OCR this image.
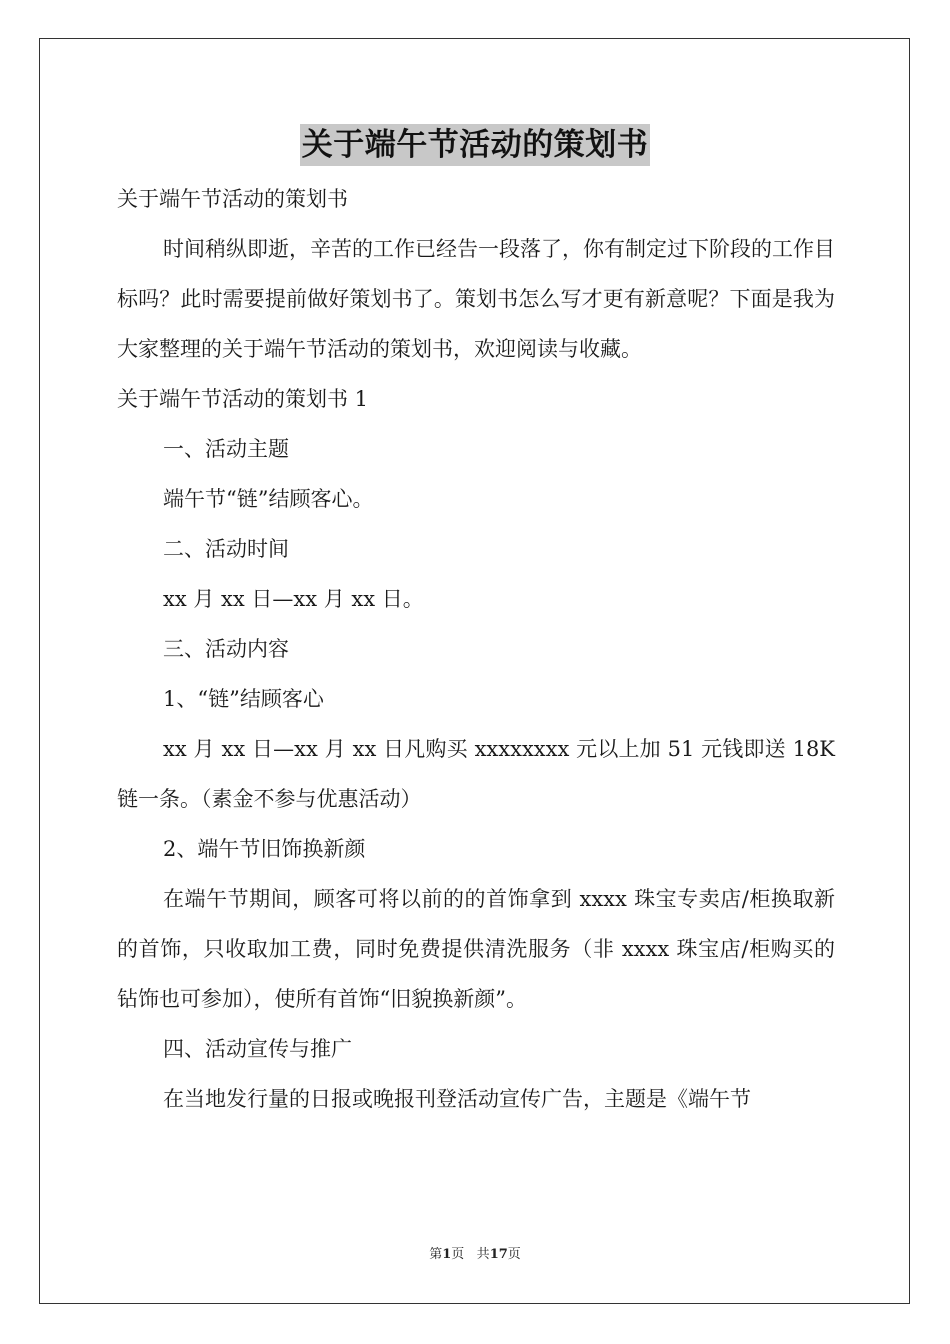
关于端午节活动的策划书

关于端午节活动的策划书

时间稍纵即逝，辛苦的工作已经告一段落了，你有制定过下阶段的工作目标吗？此时需要提前做好策划书了。策划书怎么写才更有新意呢？下面是我为大家整理的关于端午节活动的策划书，欢迎阅读与收藏。

关于端午节活动的策划书 1

一、活动主题

端午节“链”结顾客心。

二、活动时间

xx 月 xx 日—xx 月 xx 日。

三、活动内容

1、“链”结顾客心

xx 月 xx 日—xx 月 xx 日凡购买 xxxxxxxx 元以上加 51 元钱即送 18K 链一条。（素金不参与优惠活动）

2、端午节旧饰换新颜

在端午节期间，顾客可将以前的的首饰拿到 xxxx 珠宝专卖店/柜换取新的首饰，只收取加工费，同时免费提供清洗服务（非 xxxx 珠宝店/柜购买的钻饰也可参加），使所有首饰“旧貌换新颜”。

四、活动宣传与推广

在当地发行量的日报或晚报刊登活动宣传广告，主题是《端午节

第1页 共17页
